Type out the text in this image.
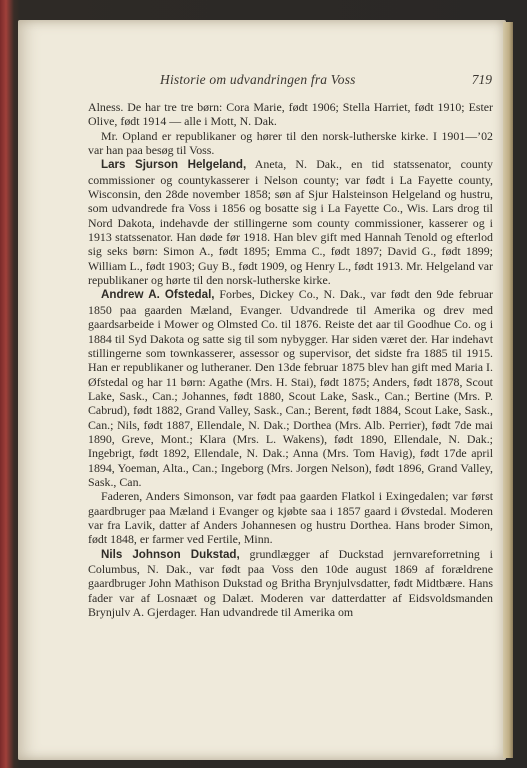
Historie om udvandringen fra Voss	719

Alness. De har tre tre børn: Cora Marie, født 1906; Stella Harriet, født 1910; Ester Olive, født 1914 — alle i Mott, N. Dak.

Mr. Opland er republikaner og hører til den norsk-lutherske kirke. I 1901—’02 var han paa besøg til Voss.

Lars Sjurson Helgeland, Aneta, N. Dak., en tid statssenator, county commissioner og countykasserer i Nelson county; var født i La Fayette county, Wisconsin, den 28de november 1858; søn af Sjur Halsteinson Helgeland og hustru, som udvandrede fra Voss i 1856 og bosatte sig i La Fayette Co., Wis. Lars drog til Nord Dakota, indehavde der stillingerne som county commissioner, kasserer og i 1913 statssenator. Han døde før 1918. Han blev gift med Hannah Tenold og efterlod sig seks børn: Simon A., født 1895; Emma C., født 1897; David G., født 1899; William L., født 1903; Guy B., født 1909, og Henry L., født 1913. Mr. Helgeland var republikaner og hørte til den norsk-lutherske kirke.

Andrew A. Ofstedal, Forbes, Dickey Co., N. Dak., var født den 9de februar 1850 paa gaarden Mæland, Evanger. Udvandrede til Amerika og drev med gaardsarbeide i Mower og Olmsted Co. til 1876. Reiste det aar til Goodhue Co. og i 1884 til Syd Dakota og satte sig til som nybygger. Har siden været der. Har indehavt stillingerne som townkasserer, assessor og supervisor, det sidste fra 1885 til 1915. Han er republikaner og lutheraner. Den 13de februar 1875 blev han gift med Maria I. Øfstedal og har 11 børn: Agathe (Mrs. H. Stai), født 1875; Anders, født 1878, Scout Lake, Sask., Can.; Johannes, født 1880, Scout Lake, Sask., Can.; Bertine (Mrs. P. Cabrud), født 1882, Grand Valley, Sask., Can.; Berent, født 1884, Scout Lake, Sask., Can.; Nils, født 1887, Ellendale, N. Dak.; Dorthea (Mrs. Alb. Perrier), født 7de mai 1890, Greve, Mont.; Klara (Mrs. L. Wakens), født 1890, Ellendale, N. Dak.; Ingebrigt, født 1892, Ellendale, N. Dak.; Anna (Mrs. Tom Havig), født 17de april 1894, Yoeman, Alta., Can.; Ingeborg (Mrs. Jorgen Nelson), født 1896, Grand Valley, Sask., Can.

Faderen, Anders Simonson, var født paa gaarden Flatkol i Exingedalen; var først gaardbruger paa Mæland i Evanger og kjøbte saa i 1857 gaard i Øvstedal. Moderen var fra Lavik, datter af Anders Johannesen og hustru Dorthea. Hans broder Simon, født 1848, er farmer ved Fertile, Minn.

Nils Johnson Dukstad, grundlægger af Duckstad jernvareforretning i Columbus, N. Dak., var født paa Voss den 10de august 1869 af forældrene gaardbruger John Mathison Dukstad og Britha Brynjulvsdatter, født Midtbære. Hans fader var af Losnaæt og Dalæt. Moderen var datterdatter af Eidsvoldsmanden Brynjulv A. Gjerdager. Han udvandrede til Amerika om
